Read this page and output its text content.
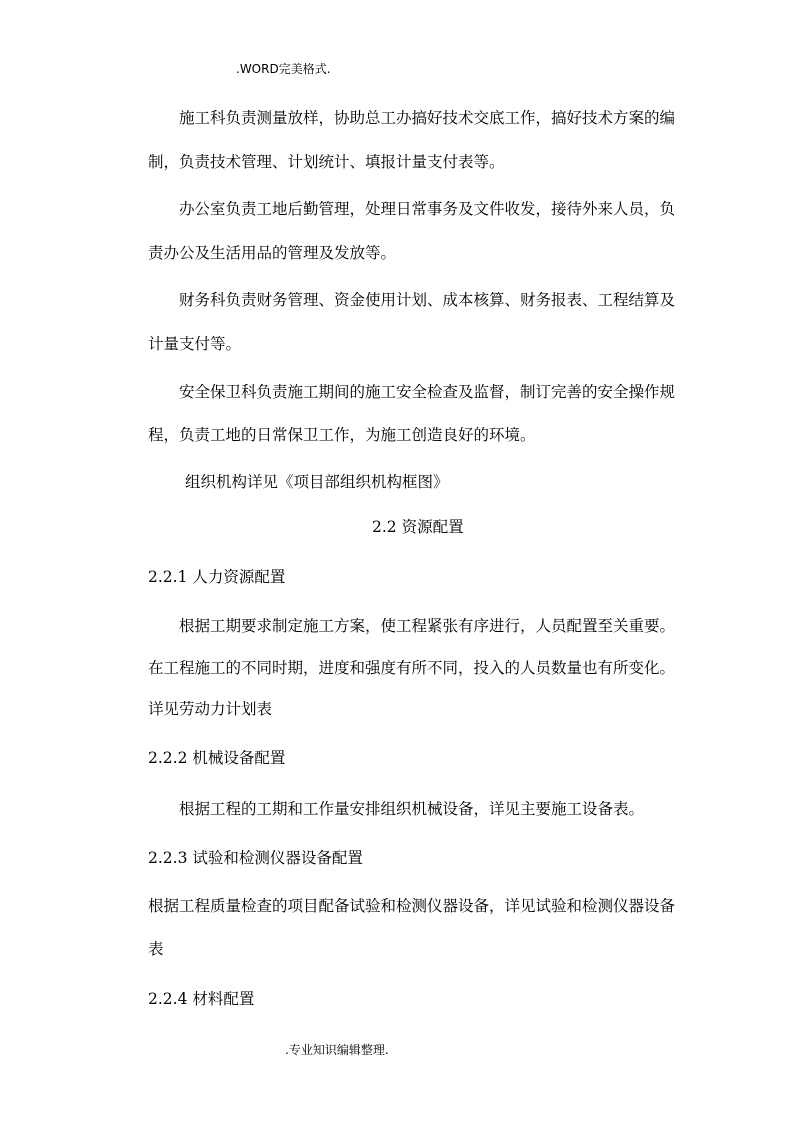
.WORD完美格式.
施工科负责测量放样，协助总工办搞好技术交底工作，搞好技术方案的编
制，负责技术管理、计划统计、填报计量支付表等。
办公室负责工地后勤管理，处理日常事务及文件收发，接待外来人员，负
责办公及生活用品的管理及发放等。
财务科负责财务管理、资金使用计划、成本核算、财务报表、工程结算及
计量支付等。
安全保卫科负责施工期间的施工安全检查及监督，制订完善的安全操作规
程，负责工地的日常保卫工作，为施工创造良好的环境。
组织机构详见《项目部组织机构框图》
2.2 资源配置
2.2.1 人力资源配置
根据工期要求制定施工方案，使工程紧张有序进行，人员配置至关重要。
在工程施工的不同时期，进度和强度有所不同，投入的人员数量也有所变化。
详见劳动力计划表
2.2.2 机械设备配置
根据工程的工期和工作量安排组织机械设备，详见主要施工设备表。
2.2.3 试验和检测仪器设备配置
根据工程质量检查的项目配备试验和检测仪器设备，详见试验和检测仪器设备
表
2.2.4 材料配置
.专业知识编辑整理.
